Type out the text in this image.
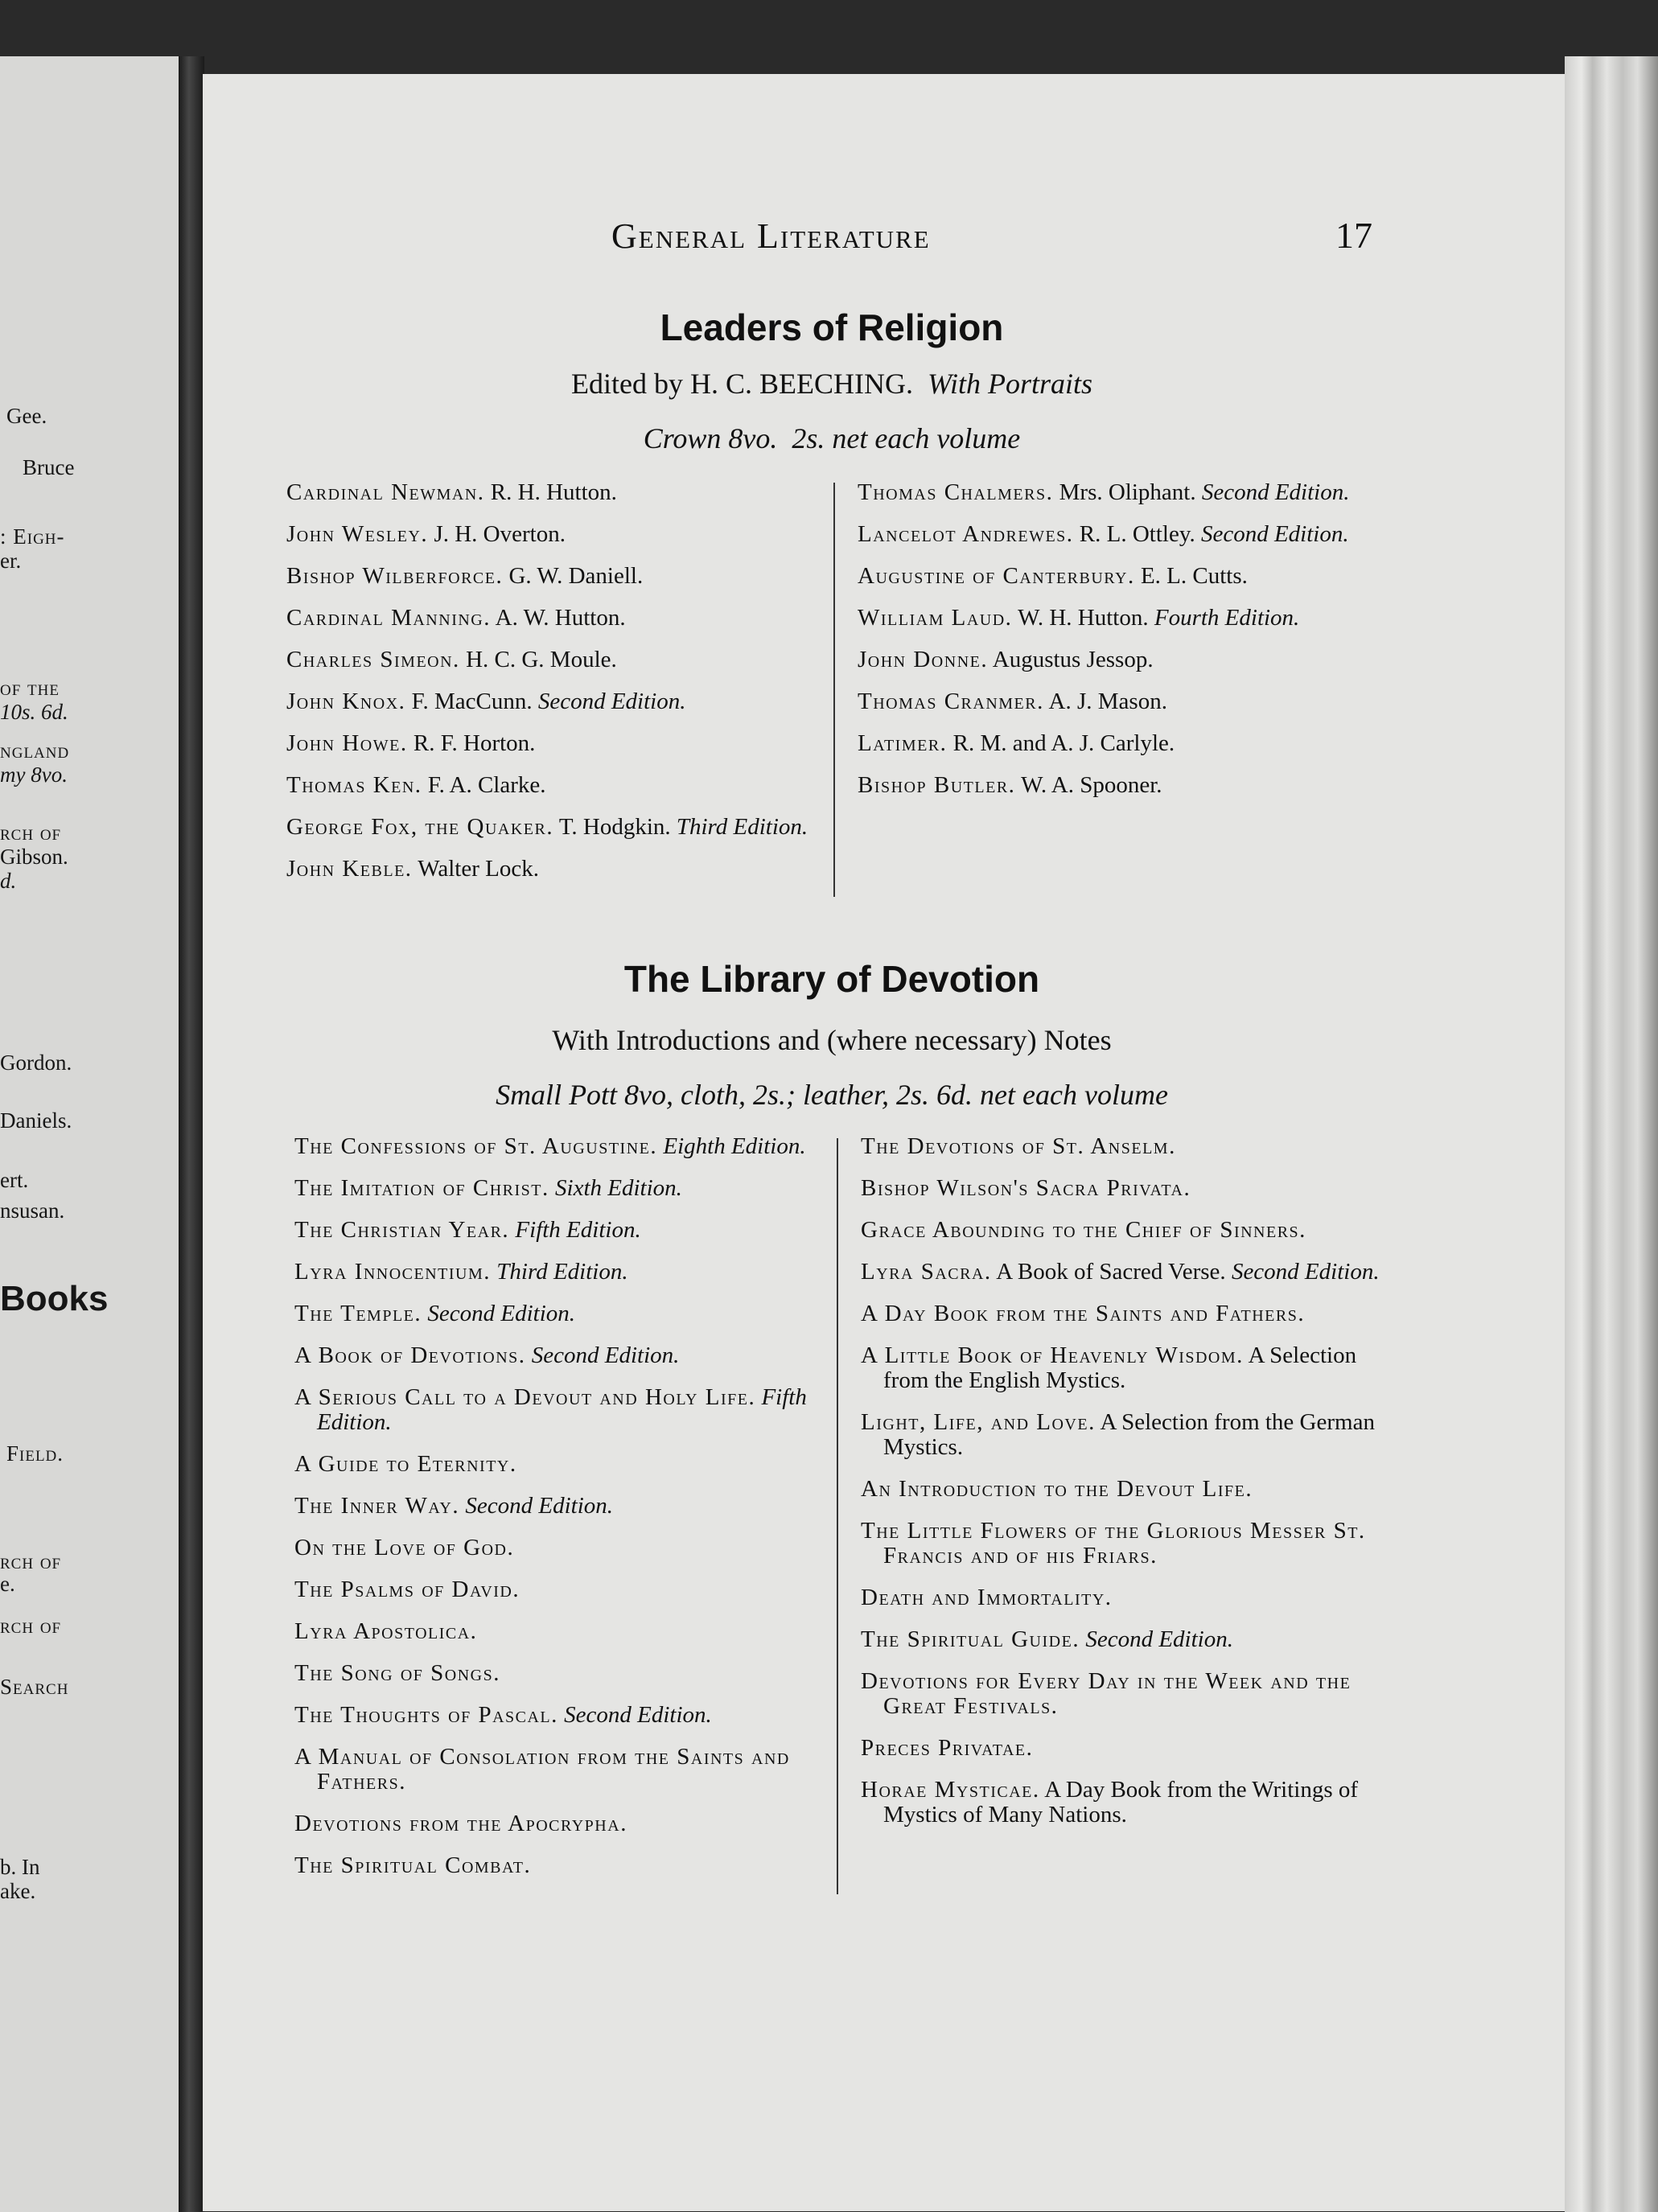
Gee.
Bruce
: Eigh-
er.
of the
10s. 6d.
ngland
my 8vo.
rch of
Gibson.
d.
Gordon.
Daniels.
ert.
nsusan.
Books
Field.
rch of
e.
rch of
Search
b. In
ake.
General Literature	17
Leaders of Religion
Edited by H. C. BEECHING. With Portraits
Crown 8vo. 2s. net each volume
Cardinal Newman. R. H. Hutton.
John Wesley. J. H. Overton.
Bishop Wilberforce. G. W. Daniell.
Cardinal Manning. A. W. Hutton.
Charles Simeon. H. C. G. Moule.
John Knox. F. MacCunn. Second Edition.
John Howe. R. F. Horton.
Thomas Ken. F. A. Clarke.
George Fox, the Quaker. T. Hodgkin. Third Edition.
John Keble. Walter Lock.
Thomas Chalmers. Mrs. Oliphant. Second Edition.
Lancelot Andrewes. R. L. Ottley. Second Edition.
Augustine of Canterbury. E. L. Cutts.
William Laud. W. H. Hutton. Fourth Edition.
John Donne. Augustus Jessop.
Thomas Cranmer. A. J. Mason.
Latimer. R. M. and A. J. Carlyle.
Bishop Butler. W. A. Spooner.
The Library of Devotion
With Introductions and (where necessary) Notes
Small Pott 8vo, cloth, 2s.; leather, 2s. 6d. net each volume
The Confessions of St. Augustine. Eighth Edition.
The Imitation of Christ. Sixth Edition.
The Christian Year. Fifth Edition.
Lyra Innocentium. Third Edition.
The Temple. Second Edition.
A Book of Devotions. Second Edition.
A Serious Call to a Devout and Holy Life. Fifth Edition.
A Guide to Eternity.
The Inner Way. Second Edition.
On the Love of God.
The Psalms of David.
Lyra Apostolica.
The Song of Songs.
The Thoughts of Pascal. Second Edition.
A Manual of Consolation from the Saints and Fathers.
Devotions from the Apocrypha.
The Spiritual Combat.
The Devotions of St. Anselm.
Bishop Wilson's Sacra Privata.
Grace Abounding to the Chief of Sinners.
Lyra Sacra. A Book of Sacred Verse. Second Edition.
A Day Book from the Saints and Fathers.
A Little Book of Heavenly Wisdom. A Selection from the English Mystics.
Light, Life, and Love. A Selection from the German Mystics.
An Introduction to the Devout Life.
The Little Flowers of the Glorious Messer St. Francis and of his Friars.
Death and Immortality.
The Spiritual Guide. Second Edition.
Devotions for Every Day in the Week and the Great Festivals.
Preces Privatae.
Horae Mysticae. A Day Book from the Writings of Mystics of Many Nations.
